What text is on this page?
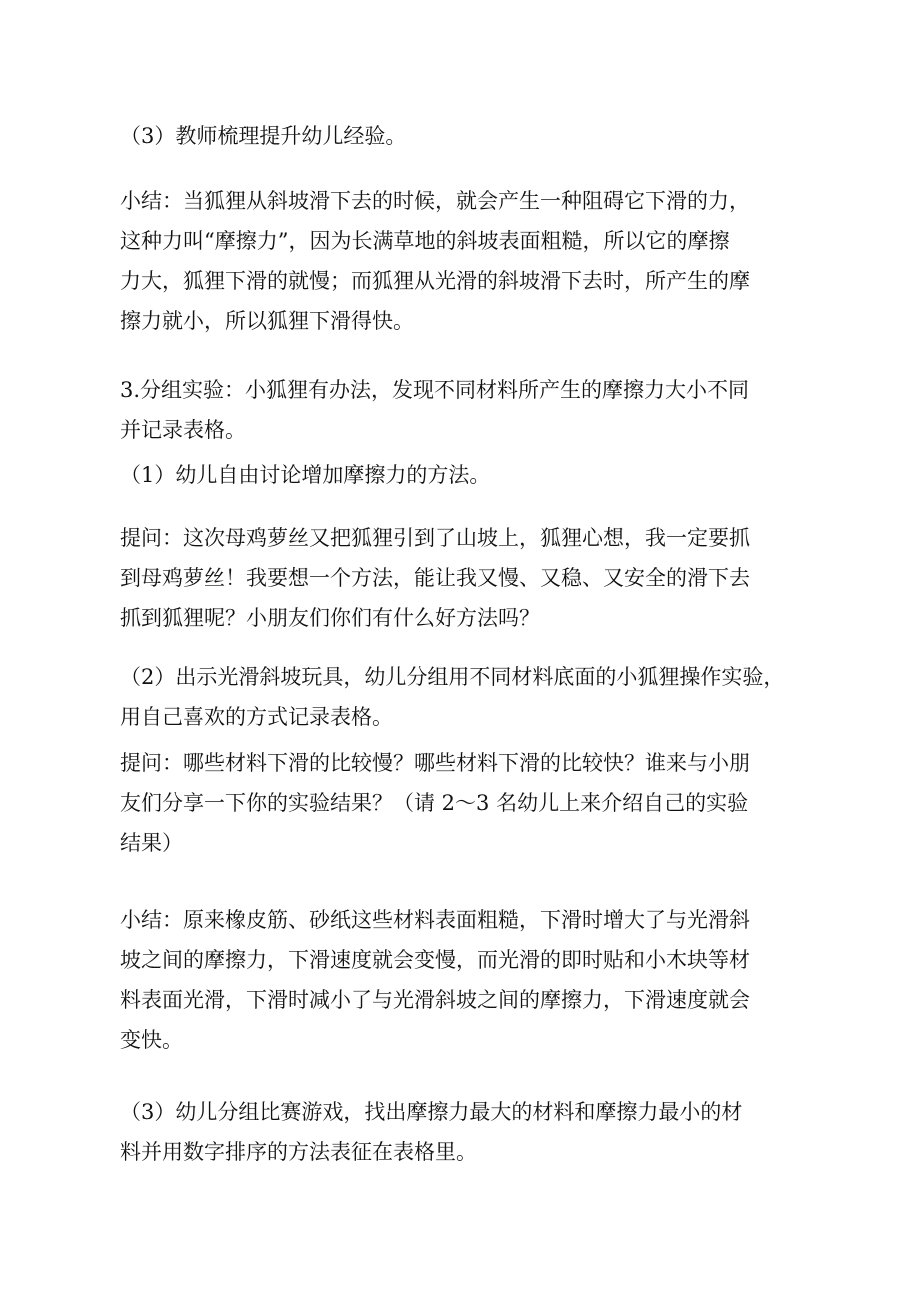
（3）教师梳理提升幼儿经验。

小结：当狐狸从斜坡滑下去的时候，就会产生一种阻碍它下滑的力，
这种力叫“摩擦力”，因为长满草地的斜坡表面粗糙，所以它的摩擦
力大，狐狸下滑的就慢；而狐狸从光滑的斜坡滑下去时，所产生的摩
擦力就小，所以狐狸下滑得快。

3.分组实验：小狐狸有办法，发现不同材料所产生的摩擦力大小不同
并记录表格。

（1）幼儿自由讨论增加摩擦力的方法。

提问：这次母鸡萝丝又把狐狸引到了山坡上，狐狸心想，我一定要抓
到母鸡萝丝！我要想一个方法，能让我又慢、又稳、又安全的滑下去
抓到狐狸呢？小朋友们你们有什么好方法吗？

（2）出示光滑斜坡玩具，幼儿分组用不同材料底面的小狐狸操作实验，
用自己喜欢的方式记录表格。

提问：哪些材料下滑的比较慢？哪些材料下滑的比较快？谁来与小朋
友们分享一下你的实验结果？（请 2～3 名幼儿上来介绍自己的实验
结果）

小结：原来橡皮筋、砂纸这些材料表面粗糙，下滑时增大了与光滑斜
坡之间的摩擦力，下滑速度就会变慢，而光滑的即时贴和小木块等材
料表面光滑，下滑时减小了与光滑斜坡之间的摩擦力，下滑速度就会
变快。

（3）幼儿分组比赛游戏，找出摩擦力最大的材料和摩擦力最小的材
料并用数字排序的方法表征在表格里。
